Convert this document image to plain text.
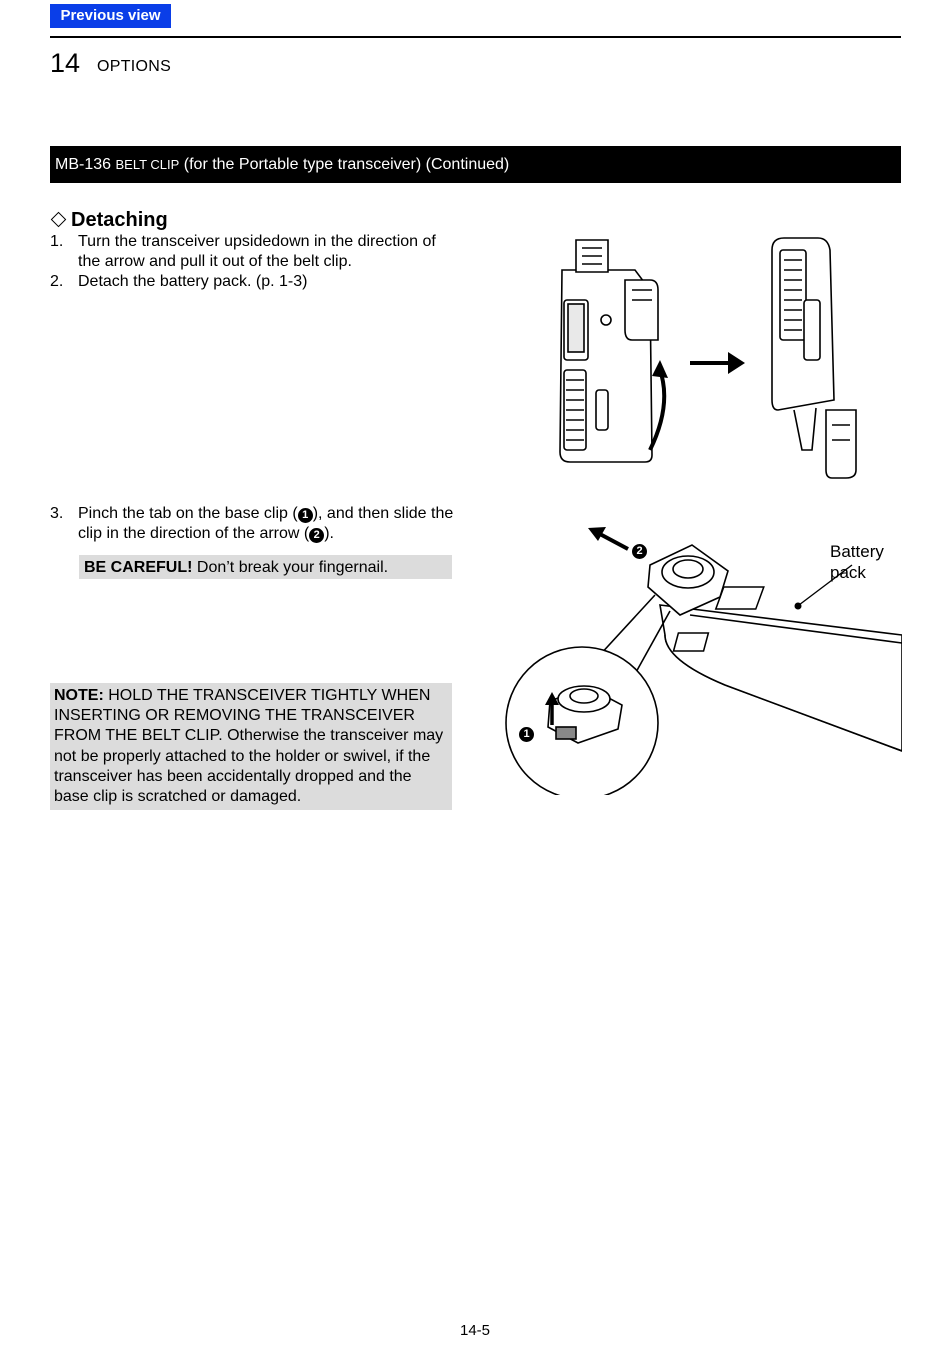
Previous view
14 OPTIONS
MB-136 BELT CLIP (for the Portable type transceiver) (Continued)
Detaching
1. Turn the transceiver upsidedown in the direction of the arrow and pull it out of the belt clip.
2. Detach the battery pack. (p. 1-3)
3. Pinch the tab on the base clip ( 1 ), and then slide the clip in the direction of the arrow ( 2 ).
BE CAREFUL! Don’t break your fingernail.
NOTE: HOLD THE TRANSCEIVER TIGHTLY WHEN INSERTING OR REMOVING THE TRANSCEIVER FROM THE BELT CLIP. Otherwise the transceiver may not be properly attached to the holder or swivel, if the transceiver has been accidentally dropped and the base clip is scratched or damaged.
2
1
Battery
pack
14-5
